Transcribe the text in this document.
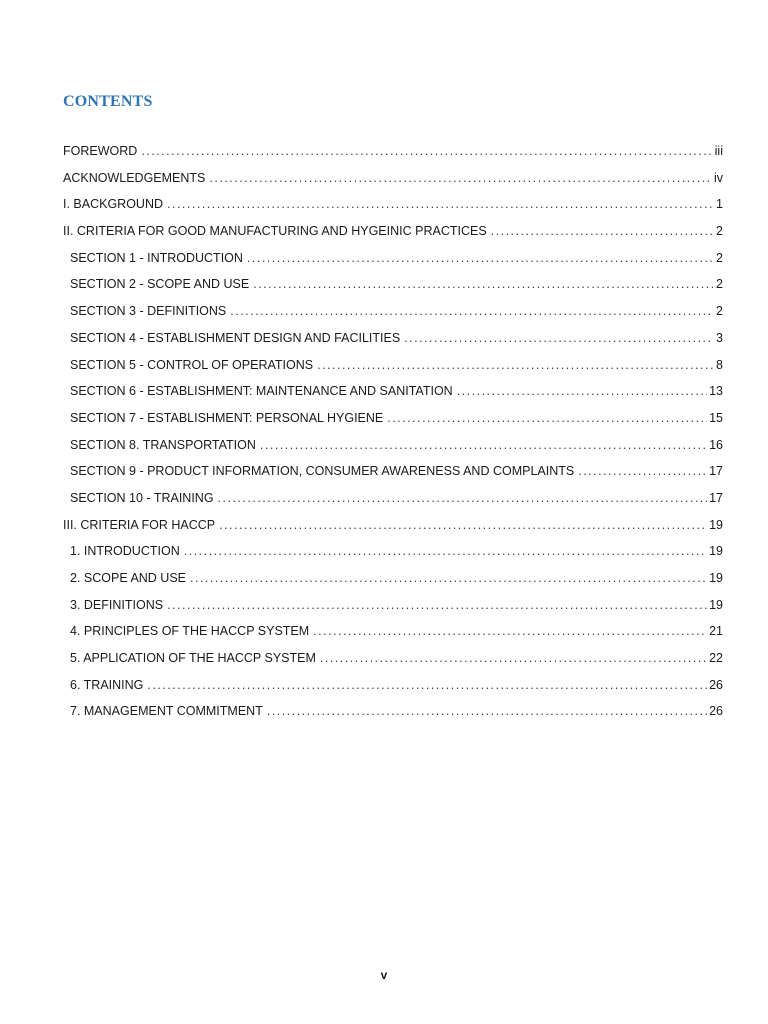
CONTENTS
FOREWORD .....	iii
ACKNOWLEDGEMENTS .....	iv
I. BACKGROUND .....	1
II. CRITERIA FOR GOOD MANUFACTURING AND HYGEINIC PRACTICES .....	2
SECTION 1 - INTRODUCTION .....	2
SECTION 2 - SCOPE AND USE .....	2
SECTION 3 - DEFINITIONS .....	2
SECTION 4 - ESTABLISHMENT DESIGN AND FACILITIES .....	3
SECTION 5 - CONTROL OF OPERATIONS .....	8
SECTION 6 - ESTABLISHMENT: MAINTENANCE AND SANITATION .....	13
SECTION 7 - ESTABLISHMENT: PERSONAL HYGIENE .....	15
SECTION 8. TRANSPORTATION .....	16
SECTION 9 - PRODUCT INFORMATION, CONSUMER AWARENESS AND COMPLAINTS .....	17
SECTION 10 - TRAINING .....	17
III. CRITERIA FOR HACCP .....	19
1. INTRODUCTION .....	19
2. SCOPE AND USE .....	19
3. DEFINITIONS .....	19
4. PRINCIPLES OF THE HACCP SYSTEM .....	21
5. APPLICATION OF THE HACCP SYSTEM .....	22
6. TRAINING .....	26
7. MANAGEMENT COMMITMENT .....	26
v
